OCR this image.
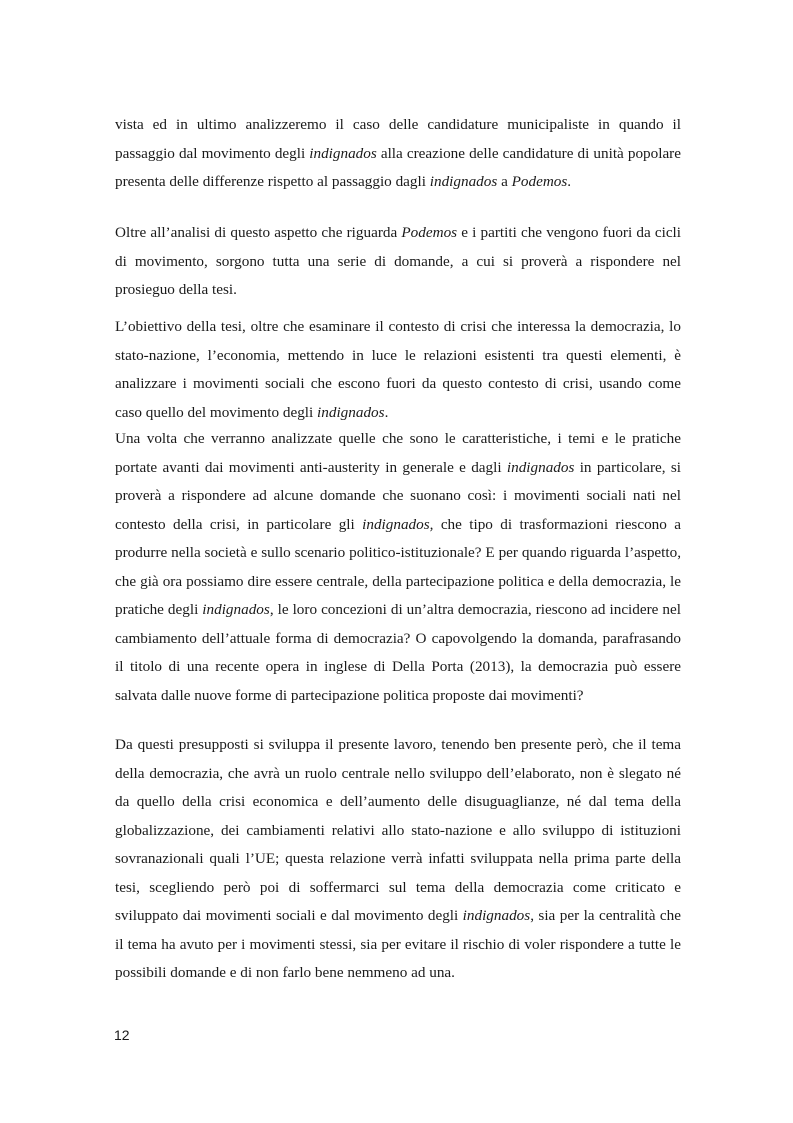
vista ed in ultimo analizzeremo il caso delle candidature municipaliste in quando il passaggio dal movimento degli indignados alla creazione delle candidature di unità popolare presenta delle differenze rispetto al passaggio dagli indignados a Podemos.

Oltre all’analisi di questo aspetto che riguarda Podemos e i partiti che vengono fuori da cicli di movimento, sorgono tutta una serie di domande, a cui si proverà a rispondere nel prosieguo della tesi.

L’obiettivo della tesi, oltre che esaminare il contesto di crisi che interessa la democrazia, lo stato-nazione, l’economia, mettendo in luce le relazioni esistenti tra questi elementi, è analizzare i movimenti sociali che escono fuori da questo contesto di crisi, usando come caso quello del movimento degli indignados.

Una volta che verranno analizzate quelle che sono le caratteristiche, i temi e le pratiche portate avanti dai movimenti anti-austerity in generale e dagli indignados in particolare, si proverà a rispondere ad alcune domande che suonano così: i movimenti sociali nati nel contesto della crisi, in particolare gli indignados, che tipo di trasformazioni riescono a produrre nella società e sullo scenario politico-istituzionale? E per quando riguarda l’aspetto, che già ora possiamo dire essere centrale, della partecipazione politica e della democrazia, le pratiche degli indignados, le loro concezioni di un’altra democrazia, riescono ad incidere nel cambiamento dell’attuale forma di democrazia? O capovolgendo la domanda, parafrasando il titolo di una recente opera in inglese di Della Porta (2013), la democrazia può essere salvata dalle nuove forme di partecipazione politica proposte dai movimenti?

Da questi presupposti si sviluppa il presente lavoro, tenendo ben presente però, che il tema della democrazia, che avrà un ruolo centrale nello sviluppo dell’elaborato, non è slegato né da quello della crisi economica e dell’aumento delle disuguaglianze, né dal tema della globalizzazione, dei cambiamenti relativi allo stato-nazione e allo sviluppo di istituzioni sovranazionali quali l’UE; questa relazione verrà infatti sviluppata nella prima parte della tesi, scegliendo però poi di soffermarci sul tema della democrazia come criticato e sviluppato dai movimenti sociali e dal movimento degli indignados, sia per la centralità che il tema ha avuto per i movimenti stessi, sia per evitare il rischio di voler rispondere a tutte le possibili domande e di non farlo bene nemmeno ad una.

12
